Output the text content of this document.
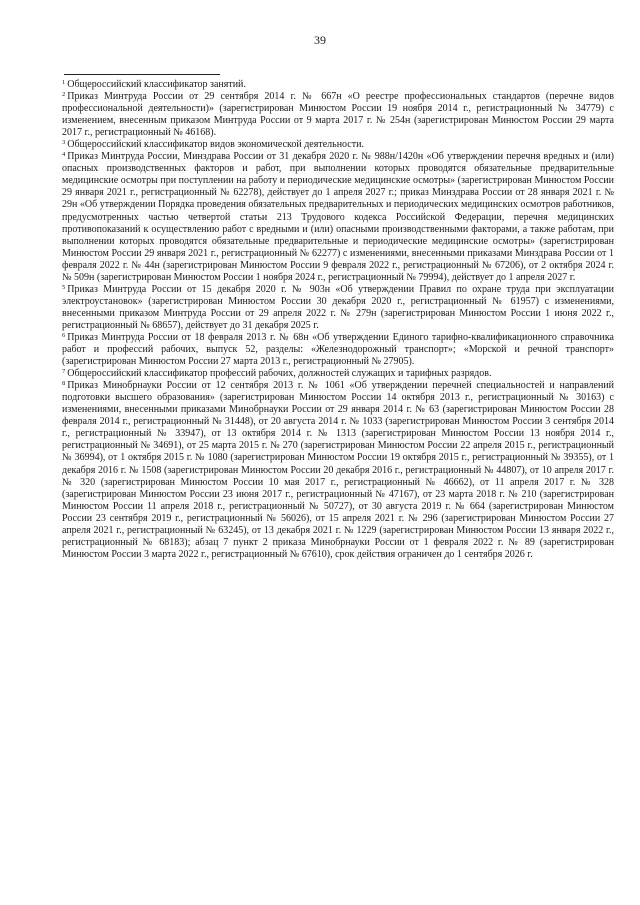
39

$^1$ Общероссийский классификатор занятий.

$^2$ Приказ Минтруда России от 29 сентября 2014 г. № 667н «О реестре профессиональных стандартов (перечне видов профессиональной деятельности)» (зарегистрирован Минюстом России 19 ноября 2014 г., регистрационный № 34779) с изменением, внесенным приказом Минтруда России от 9 марта 2017 г. № 254н (зарегистрирован Минюстом России 29 марта 2017 г., регистрационный № 46168).

$^3$ Общероссийский классификатор видов экономической деятельности.

$^4$ Приказ Минтруда России, Минздрава России от 31 декабря 2020 г. № 988н/1420н «Об утверждении перечня вредных и (или) опасных производственных факторов и работ, при выполнении которых проводятся обязательные предварительные медицинские осмотры при поступлении на работу и периодические медицинские осмотры» (зарегистрирован Минюстом России 29 января 2021 г., регистрационный № 62278), действует до 1 апреля 2027 г.; приказ Минздрава России от 28 января 2021 г. № 29н «Об утверждении Порядка проведения обязательных предварительных и периодических медицинских осмотров работников, предусмотренных частью четвертой статьи 213 Трудового кодекса Российской Федерации, перечня медицинских противопоказаний к осуществлению работ с вредными и (или) опасными производственными факторами, а также работам, при выполнении которых проводятся обязательные предварительные и периодические медицинские осмотры» (зарегистрирован Минюстом России 29 января 2021 г., регистрационный № 62277) с изменениями, внесенными приказами Минздрава России от 1 февраля 2022 г. № 44н (зарегистрирован Минюстом России 9 февраля 2022 г., регистрационный № 67206), от 2 октября 2024 г. № 509н (зарегистрирован Минюстом России 1 ноября 2024 г., регистрационный № 79994), действует до 1 апреля 2027 г.

$^5$ Приказ Минтруда России от 15 декабря 2020 г. № 903н «Об утверждении Правил по охране труда при эксплуатации электроустановок» (зарегистрирован Минюстом России 30 декабря 2020 г., регистрационный № 61957) с изменениями, внесенными приказом Минтруда России от 29 апреля 2022 г. № 279н (зарегистрирован Минюстом России 1 июня 2022 г., регистрационный № 68657), действует до 31 декабря 2025 г.

$^6$ Приказ Минтруда России от 18 февраля 2013 г. № 68н «Об утверждении Единого тарифно-квалификационного справочника работ и профессий рабочих, выпуск 52, разделы: «Железнодорожный транспорт»; «Морской и речной транспорт» (зарегистрирован Минюстом России 27 марта 2013 г., регистрационный № 27905).

$^7$ Общероссийский классификатор профессий рабочих, должностей служащих и тарифных разрядов.

$^8$ Приказ Минобрнауки России от 12 сентября 2013 г. № 1061 «Об утверждении перечней специальностей и направлений подготовки высшего образования» (зарегистрирован Минюстом России 14 октября 2013 г., регистрационный № 30163) с изменениями, внесенными приказами Минобрнауки России от 29 января 2014 г. № 63 (зарегистрирован Минюстом России 28 февраля 2014 г., регистрационный № 31448), от 20 августа 2014 г. № 1033 (зарегистрирован Минюстом России 3 сентября 2014 г., регистрационный № 33947), от 13 октября 2014 г. № 1313 (зарегистрирован Минюстом России 13 ноября 2014 г., регистрационный № 34691), от 25 марта 2015 г. № 270 (зарегистрирован Минюстом России 22 апреля 2015 г., регистрационный № 36994), от 1 октября 2015 г. № 1080 (зарегистрирован Минюстом России 19 октября 2015 г., регистрационный № 39355), от 1 декабря 2016 г. № 1508 (зарегистрирован Минюстом России 20 декабря 2016 г., регистрационный № 44807), от 10 апреля 2017 г. № 320 (зарегистрирован Минюстом России 10 мая 2017 г., регистрационный № 46662), от 11 апреля 2017 г. № 328 (зарегистрирован Минюстом России 23 июня 2017 г., регистрационный № 47167), от 23 марта 2018 г. № 210 (зарегистрирован Минюстом России 11 апреля 2018 г., регистрационный № 50727), от 30 августа 2019 г. № 664 (зарегистрирован Минюстом России 23 сентября 2019 г., регистрационный № 56026), от 15 апреля 2021 г. № 296 (зарегистрирован Минюстом России 27 апреля 2021 г., регистрационный № 63245), от 13 декабря 2021 г. № 1229 (зарегистрирован Минюстом России 13 января 2022 г., регистрационный № 68183); абзац 7 пункт 2 приказа Минобрнауки России от 1 февраля 2022 г. № 89 (зарегистрирован Минюстом России 3 марта 2022 г., регистрационный № 67610), срок действия ограничен до 1 сентября 2026 г.
